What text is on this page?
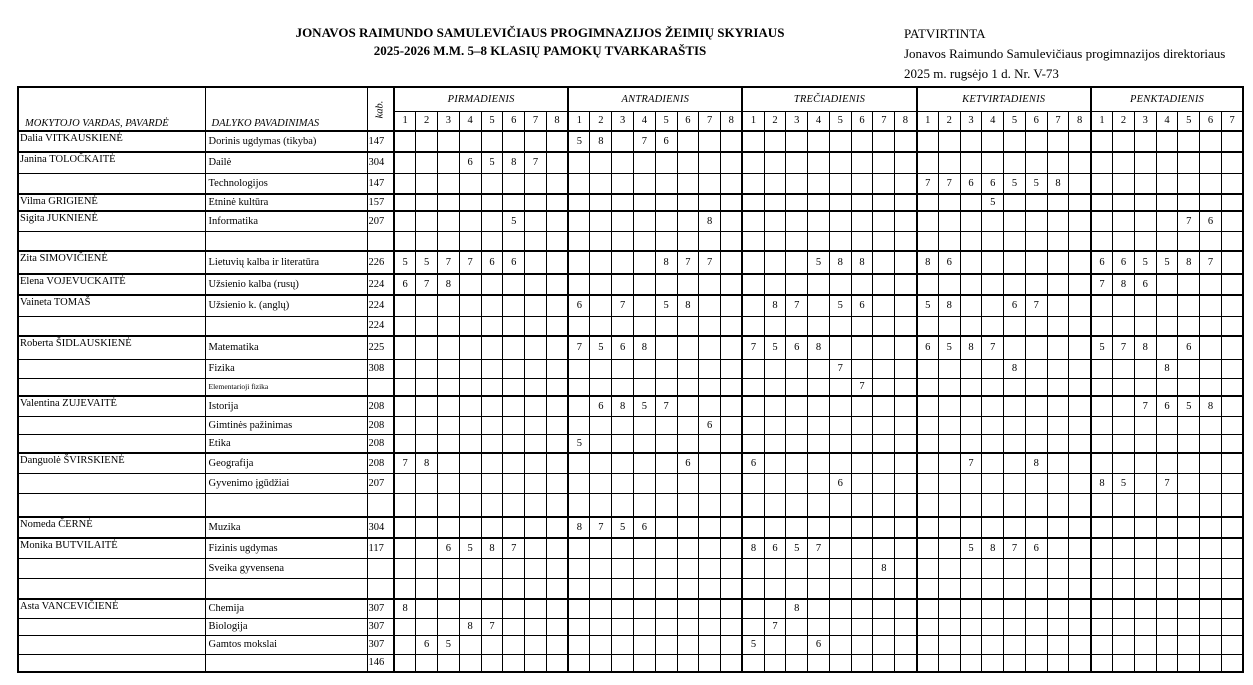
JONAVOS RAIMUNDO SAMULEVIČIAUS PROGIMNAZIJOS ŽEIMIŲ SKYRIAUS
2025-2026 M.M. 5–8 KLASIŲ PAMOKŲ TVARKARAŠTIS
PATVIRTINTA
Jonavos Raimundo Samulevičiaus progimnazijos direktoriaus
2025 m. rugsėjo 1 d. Nr. V-73
MOKYTOJO VARDAS, PAVARDĖ	DALYKO PAVADINIMAS	kab.	PIRMADIENIS								ANTRADIENIS								TREČIADIENIS								KETVIRTADIENIS								PENKTADIENIS						
			1	2	3	4	5	6	7	8	1	2	3	4	5	6	7	8	1	2	3	4	5	6	7	8	1	2	3	4	5	6	7	8	1	2	3	4	5	6	7
Dalia VITKAUSKIENĖ	Dorinis ugdymas (tikyba)	147									5	8		7	6																										
Janina TOLOČKAITĖ	Dailė	304				6	5	8	7																																
	Technologijos	147																									7	7	6	6	5	5	8								
Vilma GRIGIENĖ	Etninė kultūra	157																												5											
Sigita JUKNIENĖ	Informatika	207						5									8																						7	6	

Zita SIMOVIČIENĖ	Lietuvių kalba ir literatūra	226	5	5	7	7	6	6							8	7	7					5	8	8			8	6							6	6	5	5	8	7	
Elena VOJEVUCKAITĖ	Užsienio kalba (rusų)	224	6	7	8																														7	8	6				
Vaineta TOMAŠ	Užsienio k. (anglų)	224									6		7		5	8				8	7		5	6			5	8			6	7									
		224																																							
Roberta ŠIDLAUSKIENĖ	Matematika	225									7	5	6	8					7	5	6	8					6	5	8	7					5	7	8		6		
	Fizika	308																					7								8							8			
	Elementarioji fizika																							7																	
Valentina ZUJEVAITĖ	Istorija	208										6	8	5	7																						7	6	5	8	
	Gimtinės pažinimas	208															6																								
	Etika	208									5																														
Danguolė ŠVIRSKIENĖ	Geografija	208	7	8												6			6										7			8									
	Gyvenimo įgūdžiai	207																					6												8	5		7			

Nomeda ČERNĖ	Muzika	304									8	7	5	6																											
Monika BUTVILAITĖ	Fizinis ugdymas	117			6	5	8	7											8	6	5	7							5	8	7	6									
	Sveika gyvensena																								8																

Asta VANCEVIČIENĖ	Chemija	307	8																		8																				
	Biologija	307				8	7													7																					
	Gamtos mokslai	307		6	5														5			6																			
		146																																							
